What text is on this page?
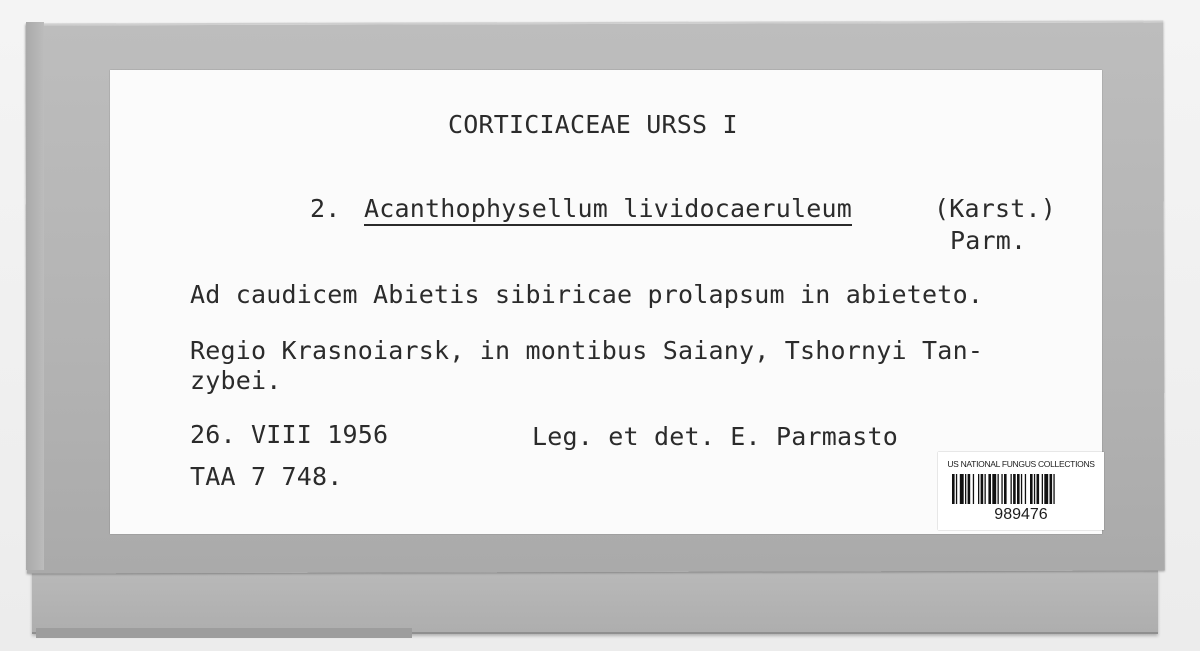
CORTICIACEAE URSS I
2. Acanthophysellum lividocaeruleum	(Karst.)
Parm.
Ad caudicem Abietis sibiricae prolapsum in abieteto.
Regio Krasnoiarsk, in montibus Saiany, Tshornyi Tan-
zybei.
26. VIII 1956	Leg. et det. E. Parmasto
TAA 7 748.	US NATIONAL FUNGUS COLLECTIONS
989476
